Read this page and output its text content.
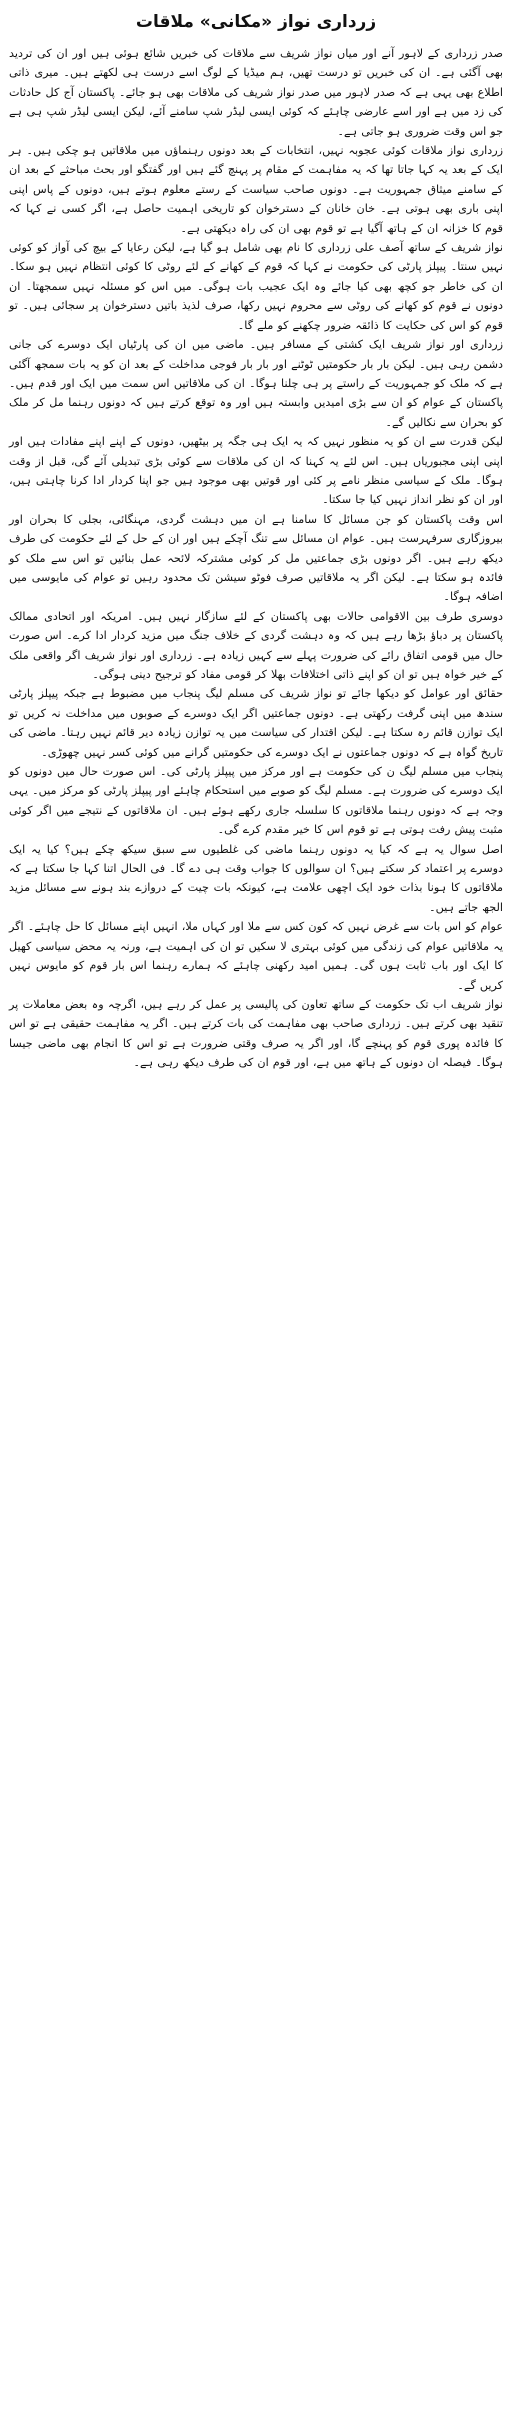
زرداری نواز «مکانی» ملاقات

صدر زرداری کے لاہور آنے اور میاں نواز شریف سے ملاقات کی خبریں شائع ہوئی ہیں اور ان کی تردید بھی آگئی ہے۔ ان کی خبریں تو درست تھیں، ہم میڈیا کے لوگ اسے درست ہی لکھتے ہیں۔ میری ذاتی اطلاع بھی یہی ہے کہ صدر لاہور میں صدر نواز شریف کی ملاقات بھی ہو جائے۔ پاکستان آج کل حادثات کی زد میں ہے اور اسے عارضی چاہئے کہ کوئی ایسی لیڈر شپ سامنے آئے، لیکن ایسی لیڈر شپ ہی ہے جو اس وقت ضروری ہو جاتی ہے۔

زرداری نواز ملاقات کوئی عجوبہ نہیں، انتخابات کے بعد دونوں رہنماؤں میں ملاقاتیں ہو چکی ہیں۔ ہر ایک کے بعد یہ کہا جاتا تھا کہ یہ مفاہمت کے مقام پر پہنچ گئے ہیں اور گفتگو اور بحث مباحثے کے بعد ان کے سامنے میثاق جمہوریت ہے۔ دونوں صاحب سیاست کے رستے معلوم ہوتے ہیں، دونوں کے پاس اپنی اپنی باری بھی ہوتی ہے۔ خان خانان کے دسترخوان کو تاریخی اہمیت حاصل ہے، اگر کسی نے کہا کہ قوم کا خزانہ ان کے ہاتھ آگیا ہے تو قوم بھی ان کی راہ دیکھتی ہے۔

نواز شریف کے ساتھ آصف علی زرداری کا نام بھی شامل ہو گیا ہے، لیکن رعایا کے بیچ کی آواز کو کوئی نہیں سنتا۔ پیپلز پارٹی کی حکومت نے کہا کہ قوم کے کھانے کے لئے روٹی کا کوئی انتظام نہیں ہو سکا۔ ان کی خاطر جو کچھ بھی کیا جائے وہ ایک عجیب بات ہوگی۔ میں اس کو مسئلہ نہیں سمجھتا۔ ان دونوں نے قوم کو کھانے کی روٹی سے محروم نہیں رکھا، صرف لذیذ باتیں دسترخوان پر سجائی ہیں۔ تو قوم کو اس کی حکایت کا ذائقہ ضرور چکھنے کو ملے گا۔

زرداری اور نواز شریف ایک کشتی کے مسافر ہیں۔ ماضی میں ان کی پارٹیاں ایک دوسرے کی جانی دشمن رہی ہیں۔ لیکن بار بار حکومتیں ٹوٹنے اور بار بار فوجی مداخلت کے بعد ان کو یہ بات سمجھ آگئی ہے کہ ملک کو جمہوریت کے راستے پر ہی چلنا ہوگا۔ ان کی ملاقاتیں اس سمت میں ایک اور قدم ہیں۔ پاکستان کے عوام کو ان سے بڑی امیدیں وابستہ ہیں اور وہ توقع کرتے ہیں کہ دونوں رہنما مل کر ملک کو بحران سے نکالیں گے۔

لیکن قدرت سے ان کو یہ منظور نہیں کہ یہ ایک ہی جگہ پر بیٹھیں، دونوں کے اپنے اپنے مفادات ہیں اور اپنی اپنی مجبوریاں ہیں۔ اس لئے یہ کہنا کہ ان کی ملاقات سے کوئی بڑی تبدیلی آئے گی، قبل از وقت ہوگا۔ ملک کے سیاسی منظر نامے پر کئی اور قوتیں بھی موجود ہیں جو اپنا کردار ادا کرنا چاہتی ہیں، اور ان کو نظر انداز نہیں کیا جا سکتا۔

اس وقت پاکستان کو جن مسائل کا سامنا ہے ان میں دہشت گردی، مہنگائی، بجلی کا بحران اور بیروزگاری سرفہرست ہیں۔ عوام ان مسائل سے تنگ آچکے ہیں اور ان کے حل کے لئے حکومت کی طرف دیکھ رہے ہیں۔ اگر دونوں بڑی جماعتیں مل کر کوئی مشترکہ لائحہ عمل بنائیں تو اس سے ملک کو فائدہ ہو سکتا ہے۔ لیکن اگر یہ ملاقاتیں صرف فوٹو سیشن تک محدود رہیں تو عوام کی مایوسی میں اضافہ ہوگا۔

دوسری طرف بین الاقوامی حالات بھی پاکستان کے لئے سازگار نہیں ہیں۔ امریکہ اور اتحادی ممالک پاکستان پر دباؤ بڑھا رہے ہیں کہ وہ دہشت گردی کے خلاف جنگ میں مزید کردار ادا کرے۔ اس صورت حال میں قومی اتفاق رائے کی ضرورت پہلے سے کہیں زیادہ ہے۔ زرداری اور نواز شریف اگر واقعی ملک کے خیر خواہ ہیں تو ان کو اپنے ذاتی اختلافات بھلا کر قومی مفاد کو ترجیح دینی ہوگی۔

حقائق اور عوامل کو دیکھا جائے تو نواز شریف کی مسلم لیگ پنجاب میں مضبوط ہے جبکہ پیپلز پارٹی سندھ میں اپنی گرفت رکھتی ہے۔ دونوں جماعتیں اگر ایک دوسرے کے صوبوں میں مداخلت نہ کریں تو ایک توازن قائم رہ سکتا ہے۔ لیکن اقتدار کی سیاست میں یہ توازن زیادہ دیر قائم نہیں رہتا۔ ماضی کی تاریخ گواہ ہے کہ دونوں جماعتوں نے ایک دوسرے کی حکومتیں گرانے میں کوئی کسر نہیں چھوڑی۔

پنجاب میں مسلم لیگ ن کی حکومت ہے اور مرکز میں پیپلز پارٹی کی۔ اس صورت حال میں دونوں کو ایک دوسرے کی ضرورت ہے۔ مسلم لیگ کو صوبے میں استحکام چاہئے اور پیپلز پارٹی کو مرکز میں۔ یہی وجہ ہے کہ دونوں رہنما ملاقاتوں کا سلسلہ جاری رکھے ہوئے ہیں۔ ان ملاقاتوں کے نتیجے میں اگر کوئی مثبت پیش رفت ہوتی ہے تو قوم اس کا خیر مقدم کرے گی۔

اصل سوال یہ ہے کہ کیا یہ دونوں رہنما ماضی کی غلطیوں سے سبق سیکھ چکے ہیں؟ کیا یہ ایک دوسرے پر اعتماد کر سکتے ہیں؟ ان سوالوں کا جواب وقت ہی دے گا۔ فی الحال اتنا کہا جا سکتا ہے کہ ملاقاتوں کا ہونا بذات خود ایک اچھی علامت ہے، کیونکہ بات چیت کے دروازے بند ہونے سے مسائل مزید الجھ جاتے ہیں۔

عوام کو اس بات سے غرض نہیں کہ کون کس سے ملا اور کہاں ملا، انہیں اپنے مسائل کا حل چاہئے۔ اگر یہ ملاقاتیں عوام کی زندگی میں کوئی بہتری لا سکیں تو ان کی اہمیت ہے، ورنہ یہ محض سیاسی کھیل کا ایک اور باب ثابت ہوں گی۔ ہمیں امید رکھنی چاہئے کہ ہمارے رہنما اس بار قوم کو مایوس نہیں کریں گے۔

نواز شریف اب تک حکومت کے ساتھ تعاون کی پالیسی پر عمل کر رہے ہیں، اگرچہ وہ بعض معاملات پر تنقید بھی کرتے ہیں۔ زرداری صاحب بھی مفاہمت کی بات کرتے ہیں۔ اگر یہ مفاہمت حقیقی ہے تو اس کا فائدہ پوری قوم کو پہنچے گا، اور اگر یہ صرف وقتی ضرورت ہے تو اس کا انجام بھی ماضی جیسا ہوگا۔ فیصلہ ان دونوں کے ہاتھ میں ہے، اور قوم ان کی طرف دیکھ رہی ہے۔
